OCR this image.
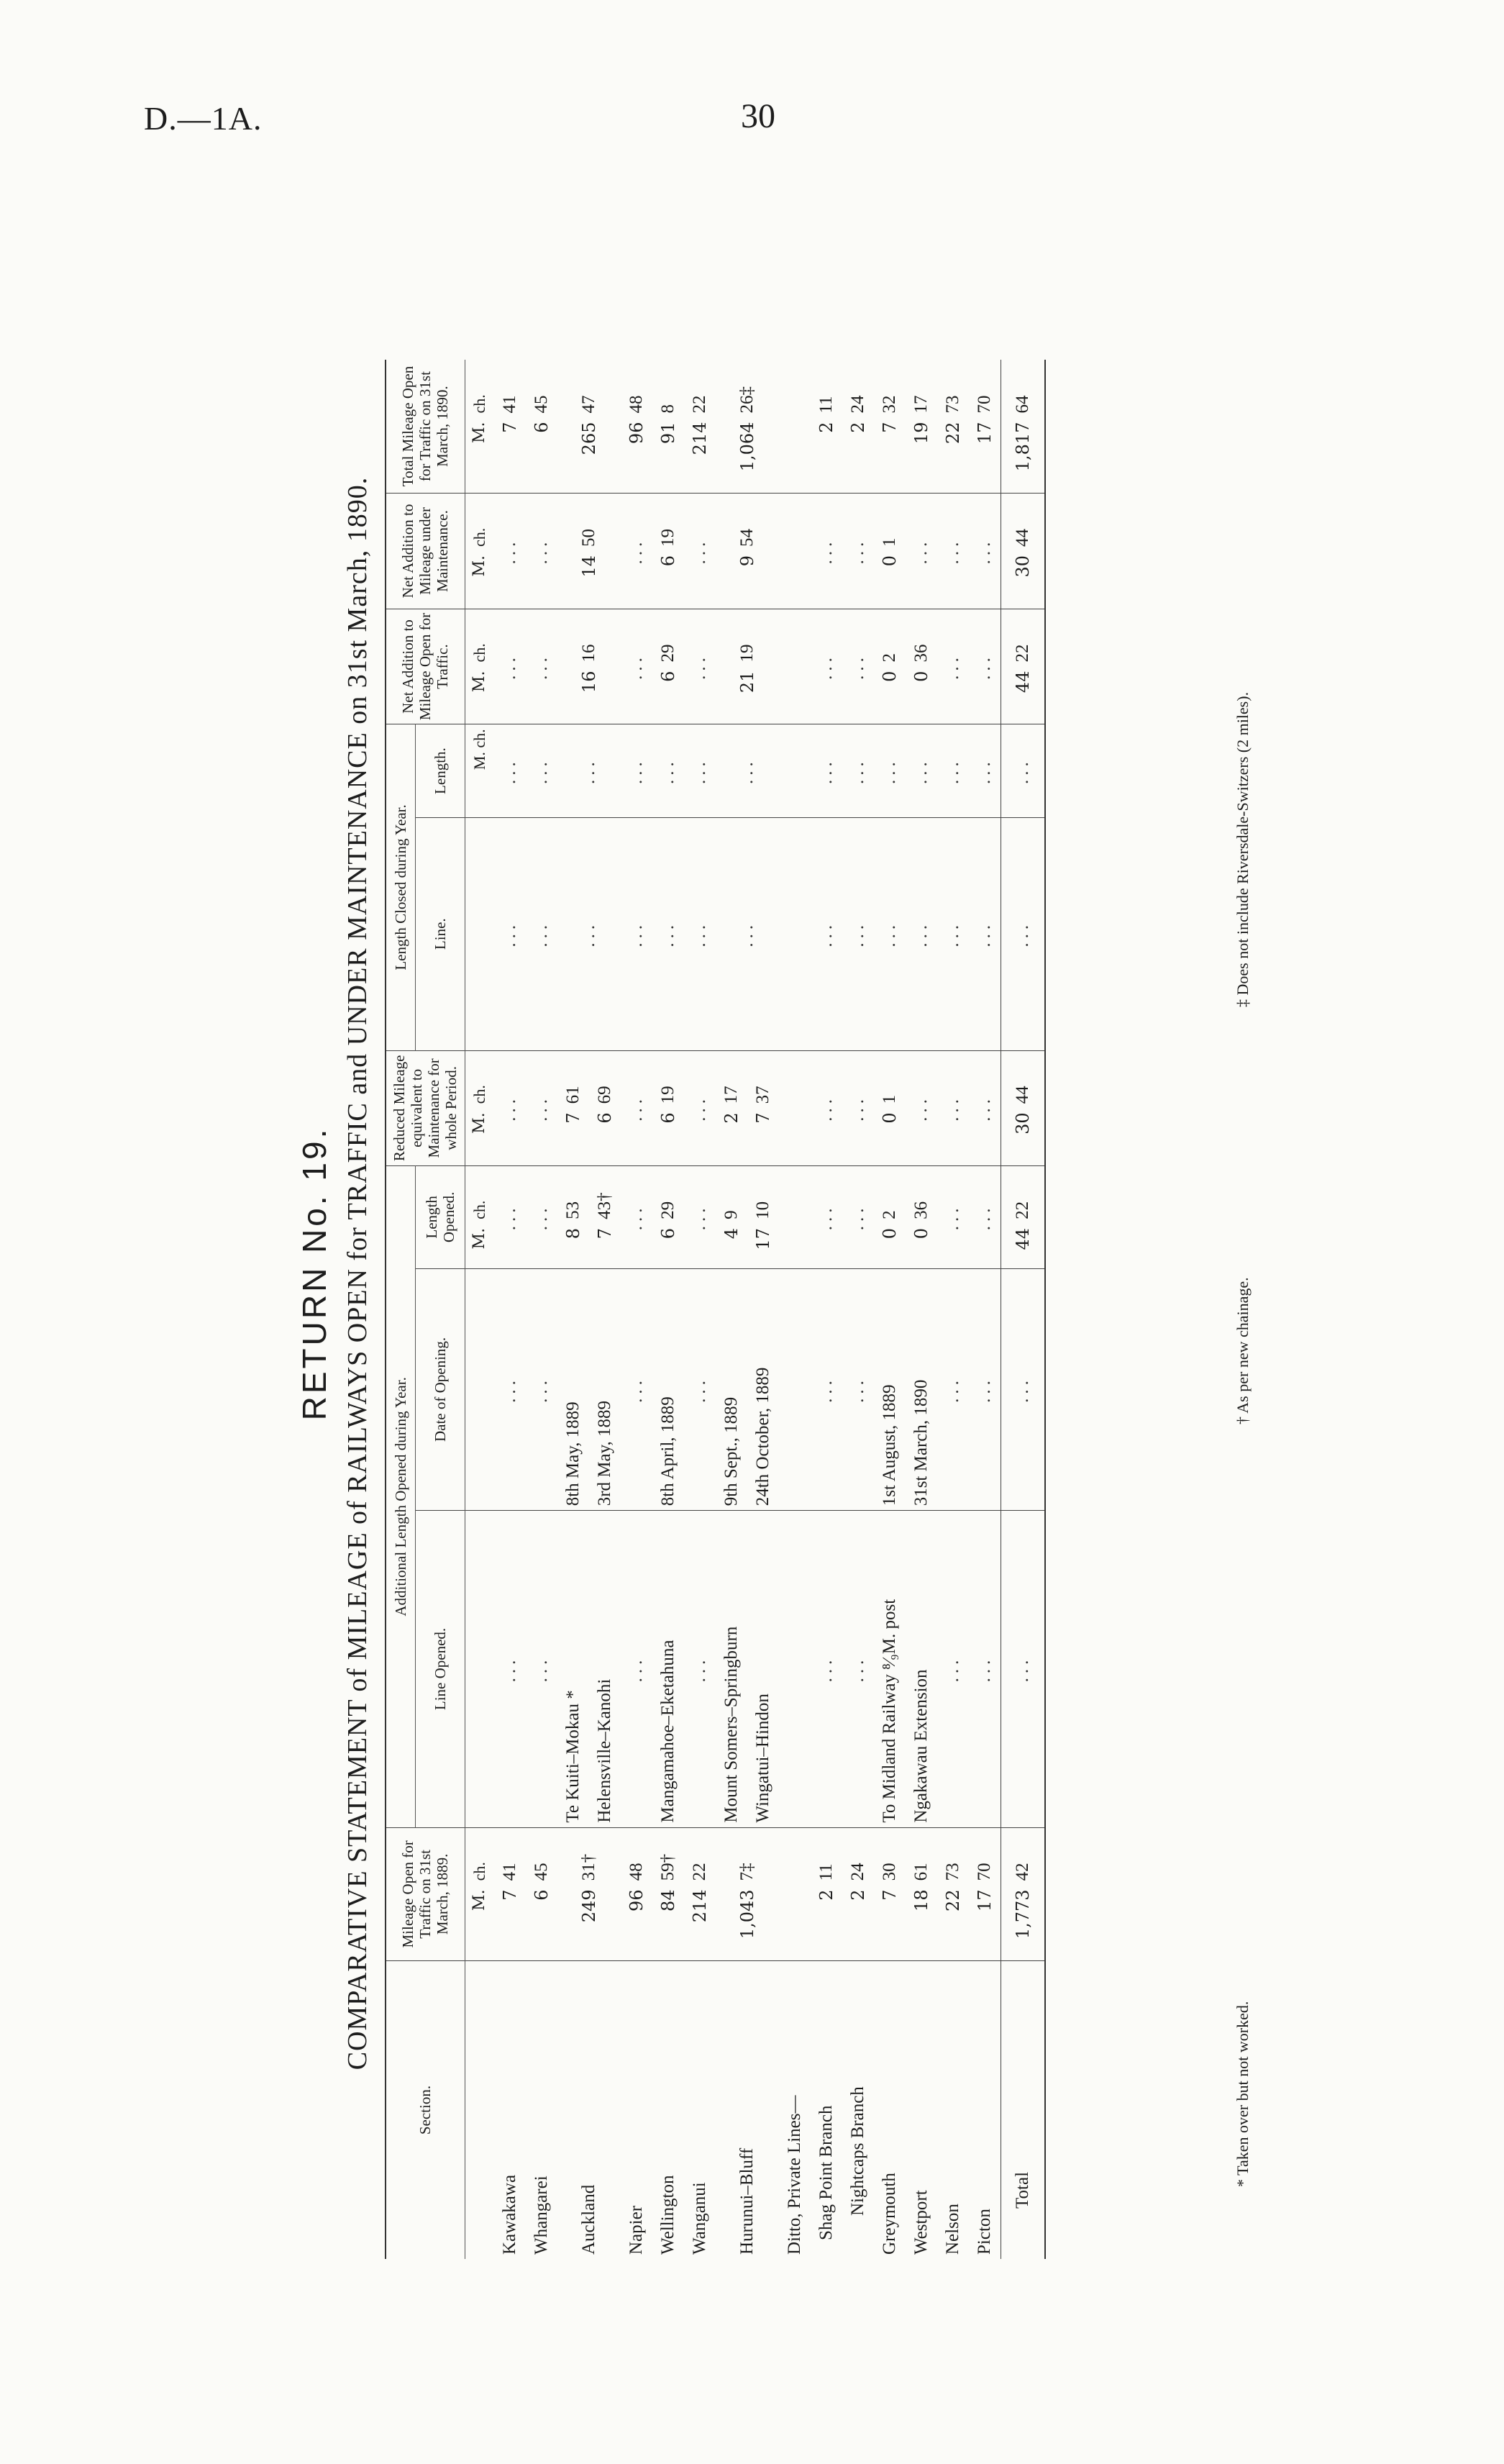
D.—1A.	30
RETURN No. 19. COMPARATIVE STATEMENT of MILEAGE of RAILWAYS OPEN for TRAFFIC and UNDER MAINTENANCE on 31st March, 1890.
Section.	Mileage Open for Traffic on 31st March, 1889.		Additional Length Opened during Year.				Reduced Mileage equivalent to Maintenance for whole Period.		Length Closed during Year.		Net Addition to Mileage Open for Traffic.		Net Addition to Mileage under Maintenance.		Total Mileage Open for Traffic on 31st March, 1890.	
			Line Opened.	Date of Opening.	Length Opened.				Line.	Length.						
	M.	ch.			M.	ch.	M.	ch.		M. ch.	M.	ch.	M.	ch.	M.	ch.
Kawakawa	7	41	...	...	...		...		...	...	...		...		7	41
Whangarei	6	45	...	...	...		...		...	...	...		...		6	45
Auckland	249	31†	Te Kuiti–Mokau *	8th May, 1889	8	53	7	61	...	...	16	16	14	50	265	47
			Helensville–Kanohi	3rd May, 1889	7	43†	6	69								
Napier	96	48	...	...	...		...		...	...	...		...		96	48
Wellington	84	59†	Mangamahoe–Eketahuna	8th April, 1889	6	29	6	19	...	...	6	29	6	19	91	8
Wanganui	214	22	...	...	...		...		...	...	...		...		214	22
Hurunui–Bluff	1,043	7‡	Mount Somers–Springburn	9th Sept., 1889	4	9	2	17	...	...	21	19	9	54	1,064	26‡
			Wingatui–Hindon	24th October, 1889	17	10	7	37								
Ditto, Private Lines—																
Shag Point Branch	2	11	...	...	...		...		...	...	...		...		2	11
Nightcaps Branch	2	24	...	...	...		...		...	...	...		...		2	24
Greymouth	7	30	To Midland Railway ⁸⁄₉M. post	1st August, 1889	0	2	0	1	...	...	0	2	0	1	7	32
Westport	18	61	Ngakawau Extension	31st March, 1890	0	36	...		...	...	0	36	...		19	17
Nelson	22	73	...	...	...		...		...	...	...		...		22	73
Picton	17	70	...	...	...		...		...	...	...		...		17	70
Total	1,773	42	...	...	44	22	30	44	...	...	44	22	30	44	1,817	64
* Taken over but not worked.
† As per new chainage.
‡ Does not include Riversdale-Switzers (2 miles).
